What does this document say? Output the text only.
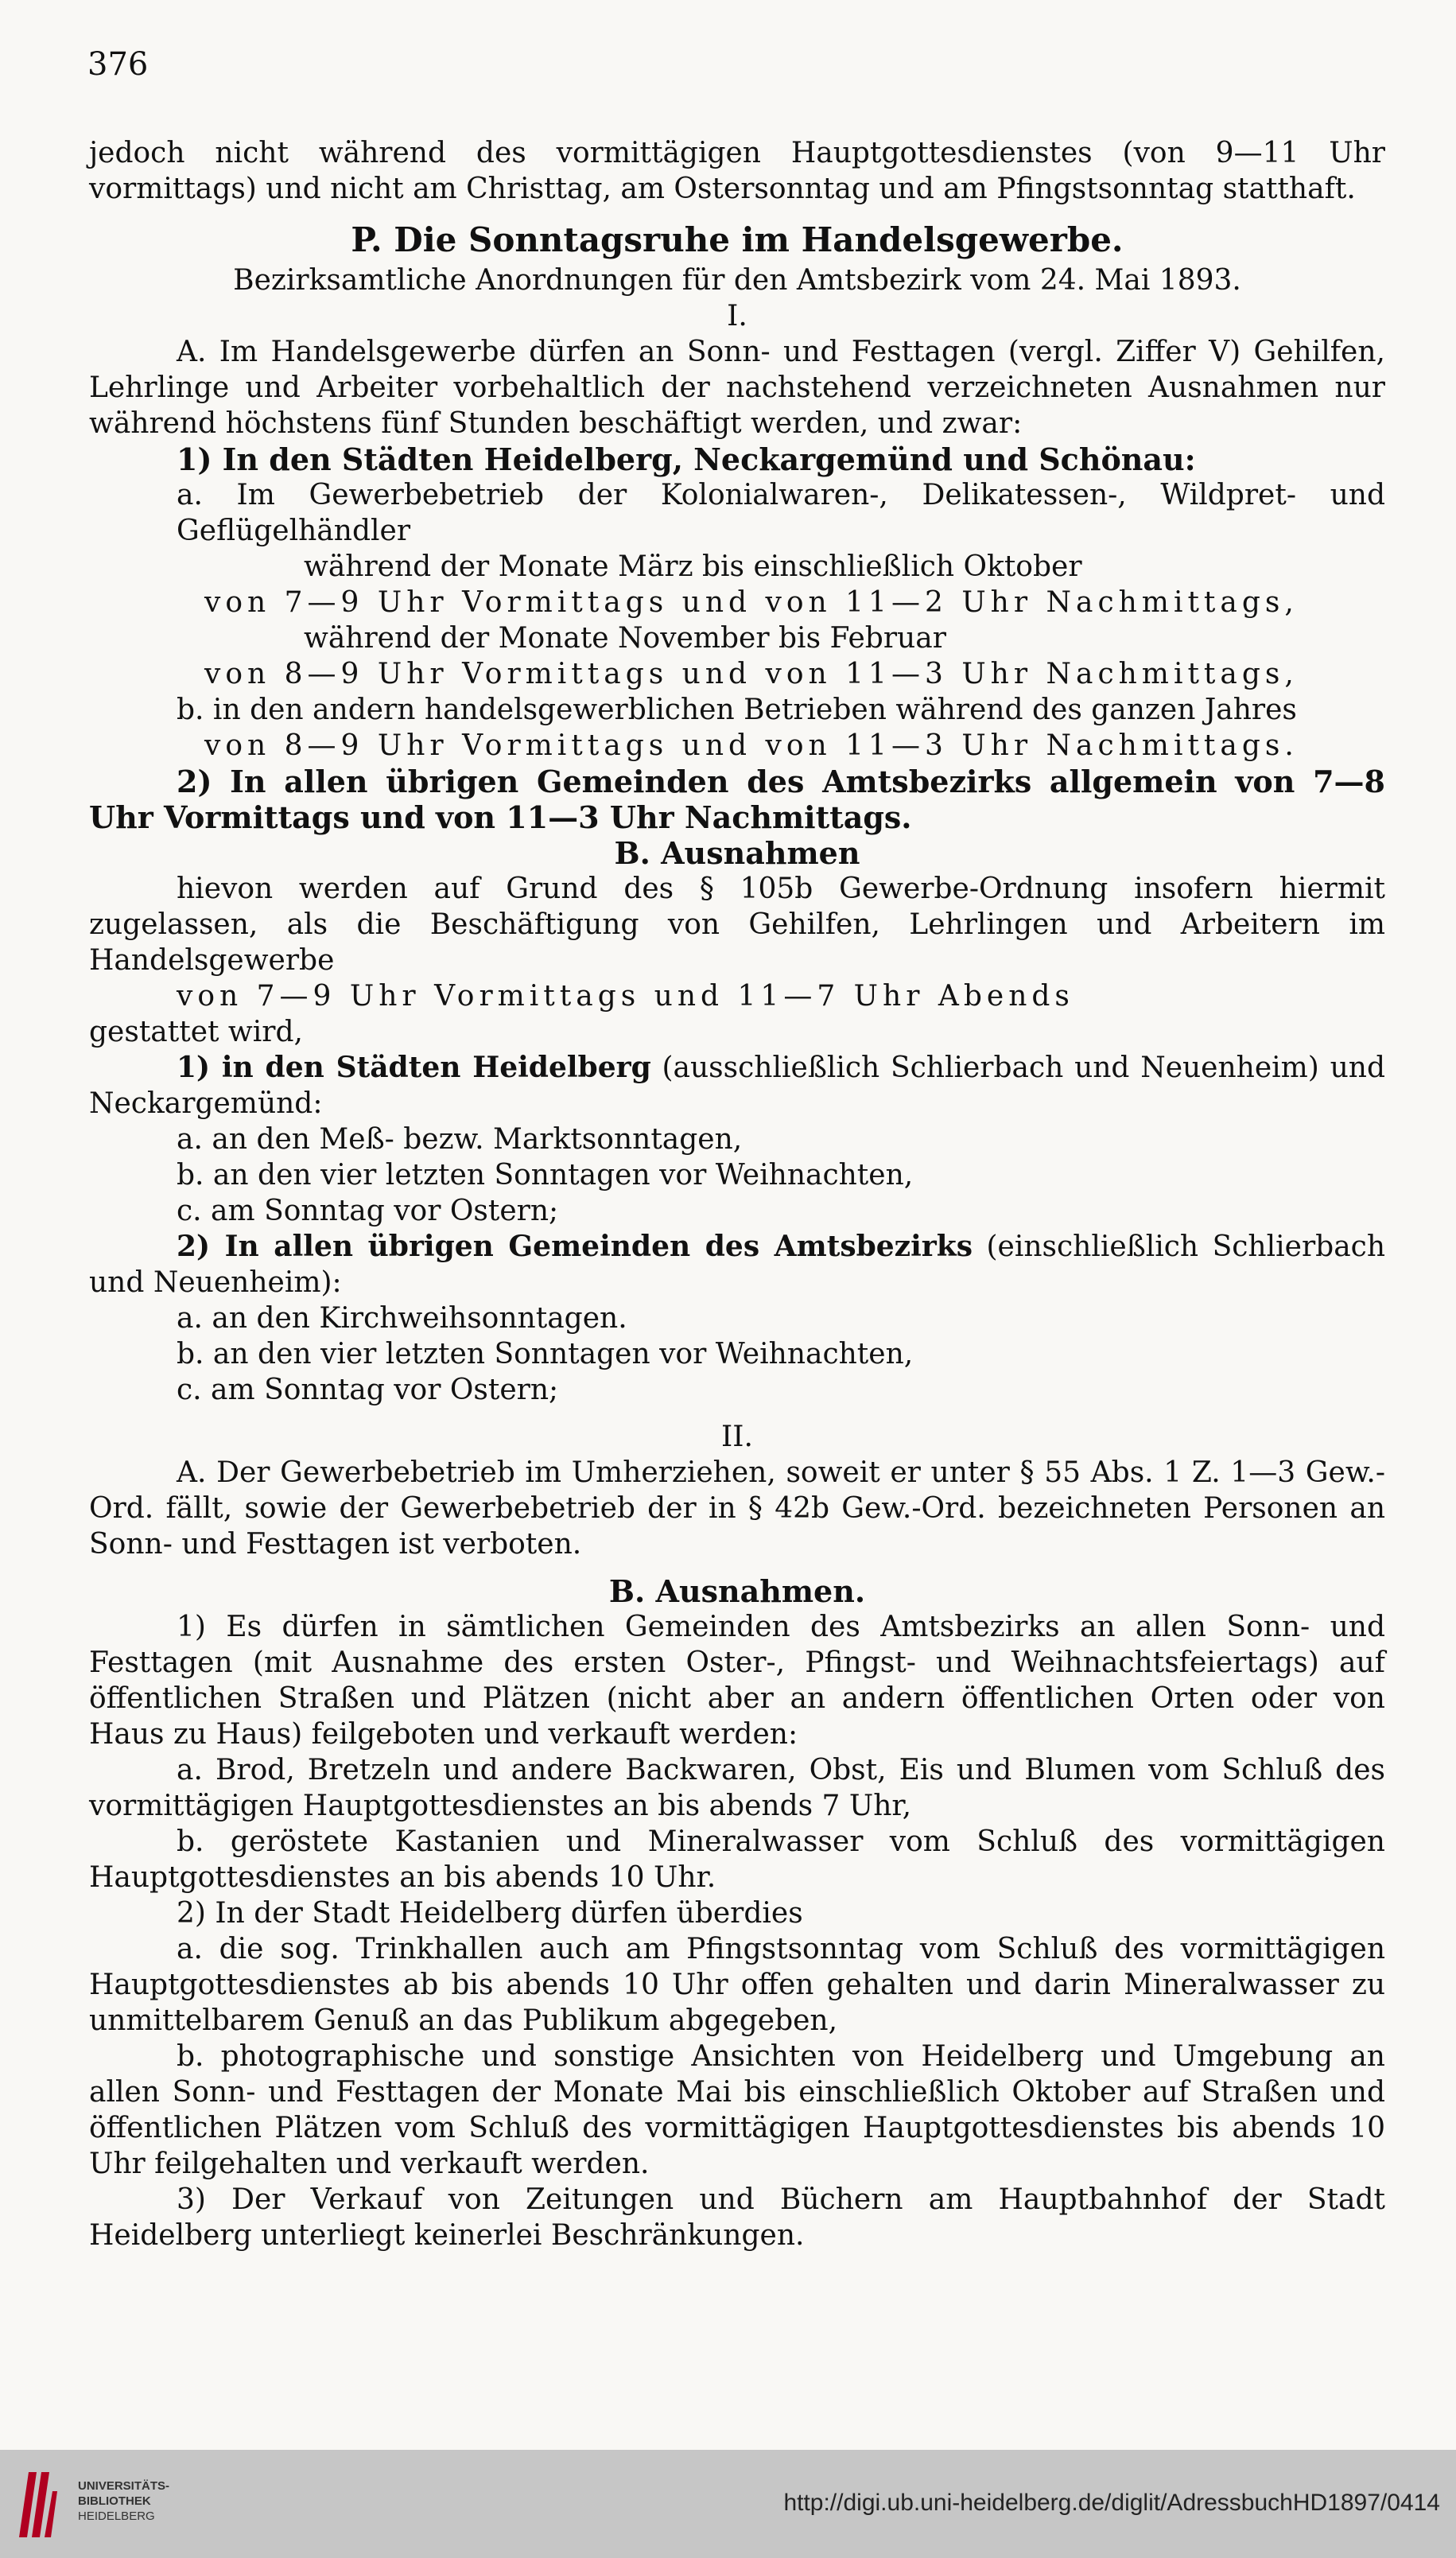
376

jedoch nicht während des vormittägigen Hauptgottesdienstes (von 9—11 Uhr vormittags) und nicht am Christtag, am Ostersonntag und am Pfingstsonntag statthaft.

P. Die Sonntagsruhe im Handelsgewerbe.

Bezirksamtliche Anordnungen für den Amtsbezirk vom 24. Mai 1893.

I.

A. Im Handelsgewerbe dürfen an Sonn- und Festtagen (vergl. Ziffer V) Gehilfen, Lehrlinge und Arbeiter vorbehaltlich der nachstehend verzeichneten Ausnahmen nur während höchstens fünf Stunden beschäftigt werden, und zwar:

1) In den Städten Heidelberg, Neckargemünd und Schönau:

a. Im Gewerbebetrieb der Kolonialwaren-, Delikatessen-, Wildpret- und Geflügelhändler

während der Monate März bis einschließlich Oktober

von 7—9 Uhr Vormittags und von 11—2 Uhr Nachmittags,

während der Monate November bis Februar

von 8—9 Uhr Vormittags und von 11—3 Uhr Nachmittags,

b. in den andern handelsgewerblichen Betrieben während des ganzen Jahres

von 8—9 Uhr Vormittags und von 11—3 Uhr Nachmittags.

2) In allen übrigen Gemeinden des Amtsbezirks allgemein von 7—8 Uhr Vormittags und von 11—3 Uhr Nachmittags.

B. Ausnahmen

hievon werden auf Grund des § 105b Gewerbe-Ordnung insofern hiermit zugelassen, als die Beschäftigung von Gehilfen, Lehrlingen und Arbeitern im Handelsgewerbe

von 7—9 Uhr Vormittags und 11—7 Uhr Abends

gestattet wird,

1) in den Städten Heidelberg (ausschließlich Schlierbach und Neuenheim) und Neckargemünd:

a. an den Meß- bezw. Marktsonntagen,

b. an den vier letzten Sonntagen vor Weihnachten,

c. am Sonntag vor Ostern;

2) In allen übrigen Gemeinden des Amtsbezirks (einschließlich Schlierbach und Neuenheim):

a. an den Kirchweihsonntagen.

b. an den vier letzten Sonntagen vor Weihnachten,

c. am Sonntag vor Ostern;

II.

A. Der Gewerbebetrieb im Umherziehen, soweit er unter § 55 Abs. 1 Z. 1—3 Gew.-Ord. fällt, sowie der Gewerbebetrieb der in § 42b Gew.-Ord. bezeichneten Personen an Sonn- und Festtagen ist verboten.

B. Ausnahmen.

1) Es dürfen in sämtlichen Gemeinden des Amtsbezirks an allen Sonn- und Festtagen (mit Ausnahme des ersten Oster-, Pfingst- und Weihnachtsfeiertags) auf öffentlichen Straßen und Plätzen (nicht aber an andern öffentlichen Orten oder von Haus zu Haus) feilgeboten und verkauft werden:

a. Brod, Bretzeln und andere Backwaren, Obst, Eis und Blumen vom Schluß des vormittägigen Hauptgottesdienstes an bis abends 7 Uhr,

b. geröstete Kastanien und Mineralwasser vom Schluß des vormittägigen Hauptgottesdienstes an bis abends 10 Uhr.

2) In der Stadt Heidelberg dürfen überdies

a. die sog. Trinkhallen auch am Pfingstsonntag vom Schluß des vormittägigen Hauptgottesdienstes ab bis abends 10 Uhr offen gehalten und darin Mineralwasser zu unmittelbarem Genuß an das Publikum abgegeben,

b. photographische und sonstige Ansichten von Heidelberg und Umgebung an allen Sonn- und Festtagen der Monate Mai bis einschließlich Oktober auf Straßen und öffentlichen Plätzen vom Schluß des vormittägigen Hauptgottesdienstes bis abends 10 Uhr feilgehalten und verkauft werden.

3) Der Verkauf von Zeitungen und Büchern am Hauptbahnhof der Stadt Heidelberg unterliegt keinerlei Beschränkungen.

UNIVERSITÄTS-
BIBLIOTHEK
HEIDELBERG
http://digi.ub.uni-heidelberg.de/diglit/AdressbuchHD1897/0414
